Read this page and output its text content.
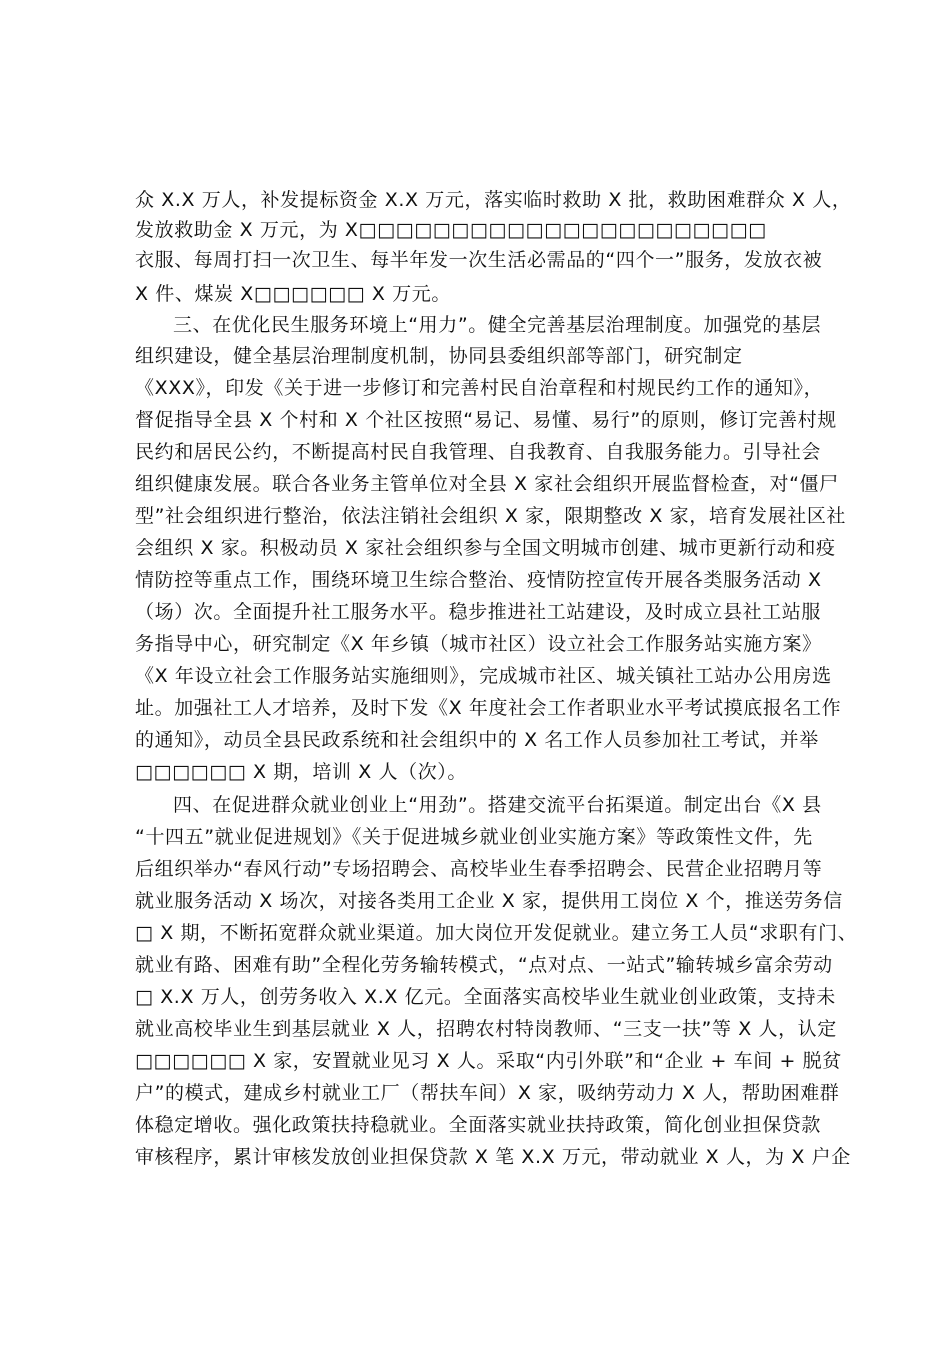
众 X.X 万人，补发提标资金 X.X 万元，落实临时救助 X 批，救助困难群众 X 人，
发放救助金 X 万元，为 X□□□□□□□□□□□□□□□□□□□□□□
衣服、每周打扫一次卫生、每半年发一次生活必需品的“四个一”服务，发放衣被
X 件、煤炭 X□□□□□□ X 万元。
三、在优化民生服务环境上“用力”。健全完善基层治理制度。加强党的基层
组织建设，健全基层治理制度机制，协同县委组织部等部门，研究制定
《XXX》，印发《关于进一步修订和完善村民自治章程和村规民约工作的通知》，
督促指导全县 X 个村和 X 个社区按照“易记、易懂、易行”的原则，修订完善村规
民约和居民公约，不断提高村民自我管理、自我教育、自我服务能力。引导社会
组织健康发展。联合各业务主管单位对全县 X 家社会组织开展监督检查，对“僵尸
型”社会组织进行整治，依法注销社会组织 X 家，限期整改 X 家，培育发展社区社
会组织 X 家。积极动员 X 家社会组织参与全国文明城市创建、城市更新行动和疫
情防控等重点工作，围绕环境卫生综合整治、疫情防控宣传开展各类服务活动 X
（场）次。全面提升社工服务水平。稳步推进社工站建设，及时成立县社工站服
务指导中心，研究制定《X 年乡镇（城市社区）设立社会工作服务站实施方案》
《X 年设立社会工作服务站实施细则》，完成城市社区、城关镇社工站办公用房选
址。加强社工人才培养，及时下发《X 年度社会工作者职业水平考试摸底报名工作
的通知》，动员全县民政系统和社会组织中的 X 名工作人员参加社工考试，并举
□□□□□□ X 期，培训 X 人（次）。
四、在促进群众就业创业上“用劲”。搭建交流平台拓渠道。制定出台《X 县
“十四五”就业促进规划》《关于促进城乡就业创业实施方案》等政策性文件，先
后组织举办“春风行动”专场招聘会、高校毕业生春季招聘会、民营企业招聘月等
就业服务活动 X 场次，对接各类用工企业 X 家，提供用工岗位 X 个，推送劳务信
□ X 期，不断拓宽群众就业渠道。加大岗位开发促就业。建立务工人员“求职有门、
就业有路、困难有助”全程化劳务输转模式，“点对点、一站式”输转城乡富余劳动
□ X.X 万人，创劳务收入 X.X 亿元。全面落实高校毕业生就业创业政策，支持未
就业高校毕业生到基层就业 X 人，招聘农村特岗教师、“三支一扶”等 X 人，认定
□□□□□□ X 家，安置就业见习 X 人。采取“内引外联”和“企业 + 车间 + 脱贫
户”的模式，建成乡村就业工厂（帮扶车间）X 家，吸纳劳动力 X 人，帮助困难群
体稳定增收。强化政策扶持稳就业。全面落实就业扶持政策，简化创业担保贷款
审核程序，累计审核发放创业担保贷款 X 笔 X.X 万元，带动就业 X 人，为 X 户企
